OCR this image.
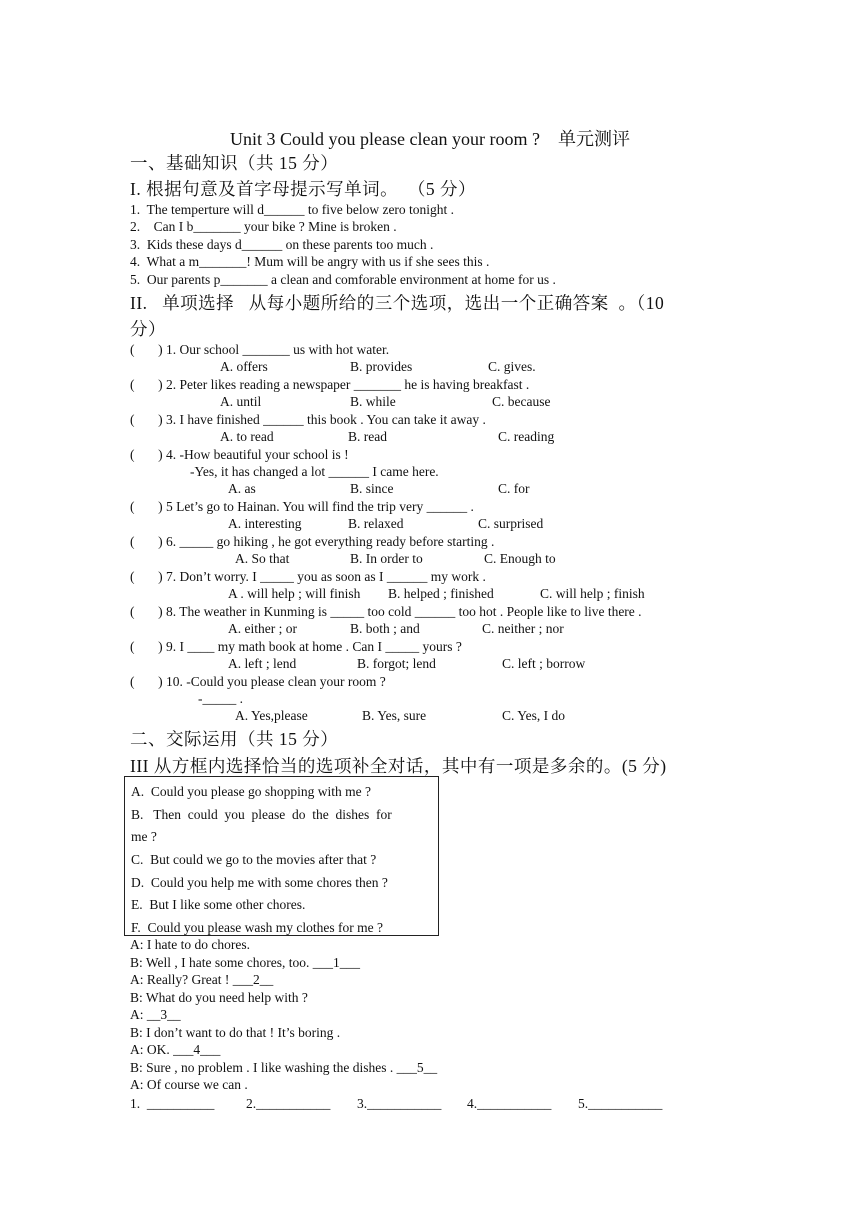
Unit 3 Could you please clean your room ?    单元测评
一、基础知识（共 15 分）
I. 根据句意及首字母提示写单词。  （5 分）
1.  The temperture will d______ to five below zero tonight .
2.    Can I b_______ your bike ? Mine is broken .
3.  Kids these days d______ on these parents too much .
4.  What a m_______! Mum will be angry with us if she sees this .
5.  Our parents p_______ a clean and comforable environment at home for us .
II.   单项选择   从每小题所给的三个选项，选出一个正确答案  。（10
分）
(       ) 1. Our school _______ us with hot water.
A. offers	B. provides	C. gives.
(       ) 2. Peter likes reading a newspaper _______ he is having breakfast .
A. until	B. while	C. because
(       ) 3. I have finished ______ this book . You can take it away .
A. to read	B. read	C. reading
(       ) 4. -How beautiful your school is !
-Yes, it has changed a lot ______ I came here.
A. as	B. since	C. for
(       ) 5 Let’s go to Hainan. You will find the trip very ______ .
A. interesting	B. relaxed	C. surprised
(       ) 6. _____ go hiking , he got everything ready before starting .
A. So that	B. In order to	C. Enough to
(       ) 7. Don’t worry. I _____ you as soon as I ______ my work .
A . will help ; will finish B. helped ; finished	C. will help ; finish
(       ) 8. The weather in Kunming is _____ too cold ______ too hot . People like to live there .
A. either ; or	B. both ; and	C. neither ; nor
(       ) 9. I ____ my math book at home . Can I _____ yours ?
A. left ; lend	B. forgot; lend	C. left ; borrow
(       ) 10. -Could you please clean your room ?
-_____ .
A. Yes,please	B. Yes, sure	C. Yes, I do
二、交际运用（共 15 分）
III 从方框内选择恰当的选项补全对话，其中有一项是多余的。(5 分)
A.  Could you please go shopping with me ?
B.   Then  could  you  please  do  the  dishes  for
me ?
C.  But could we go to the movies after that ?
D.  Could you help me with some chores then ?
E.  But I like some other chores.
F.  Could you please wash my clothes for me ?
A: I hate to do chores.
B: Well , I hate some chores, too. ___1___
A: Really? Great ! ___2__
B: What do you need help with ?
A: __3__
B: I don’t want to do that ! It’s boring .
A: OK. ___4___
B: Sure , no problem . I like washing the dishes . ___5__
A: Of course we can .
1.  __________ 2.___________ 3.___________ 4.___________ 5.___________
